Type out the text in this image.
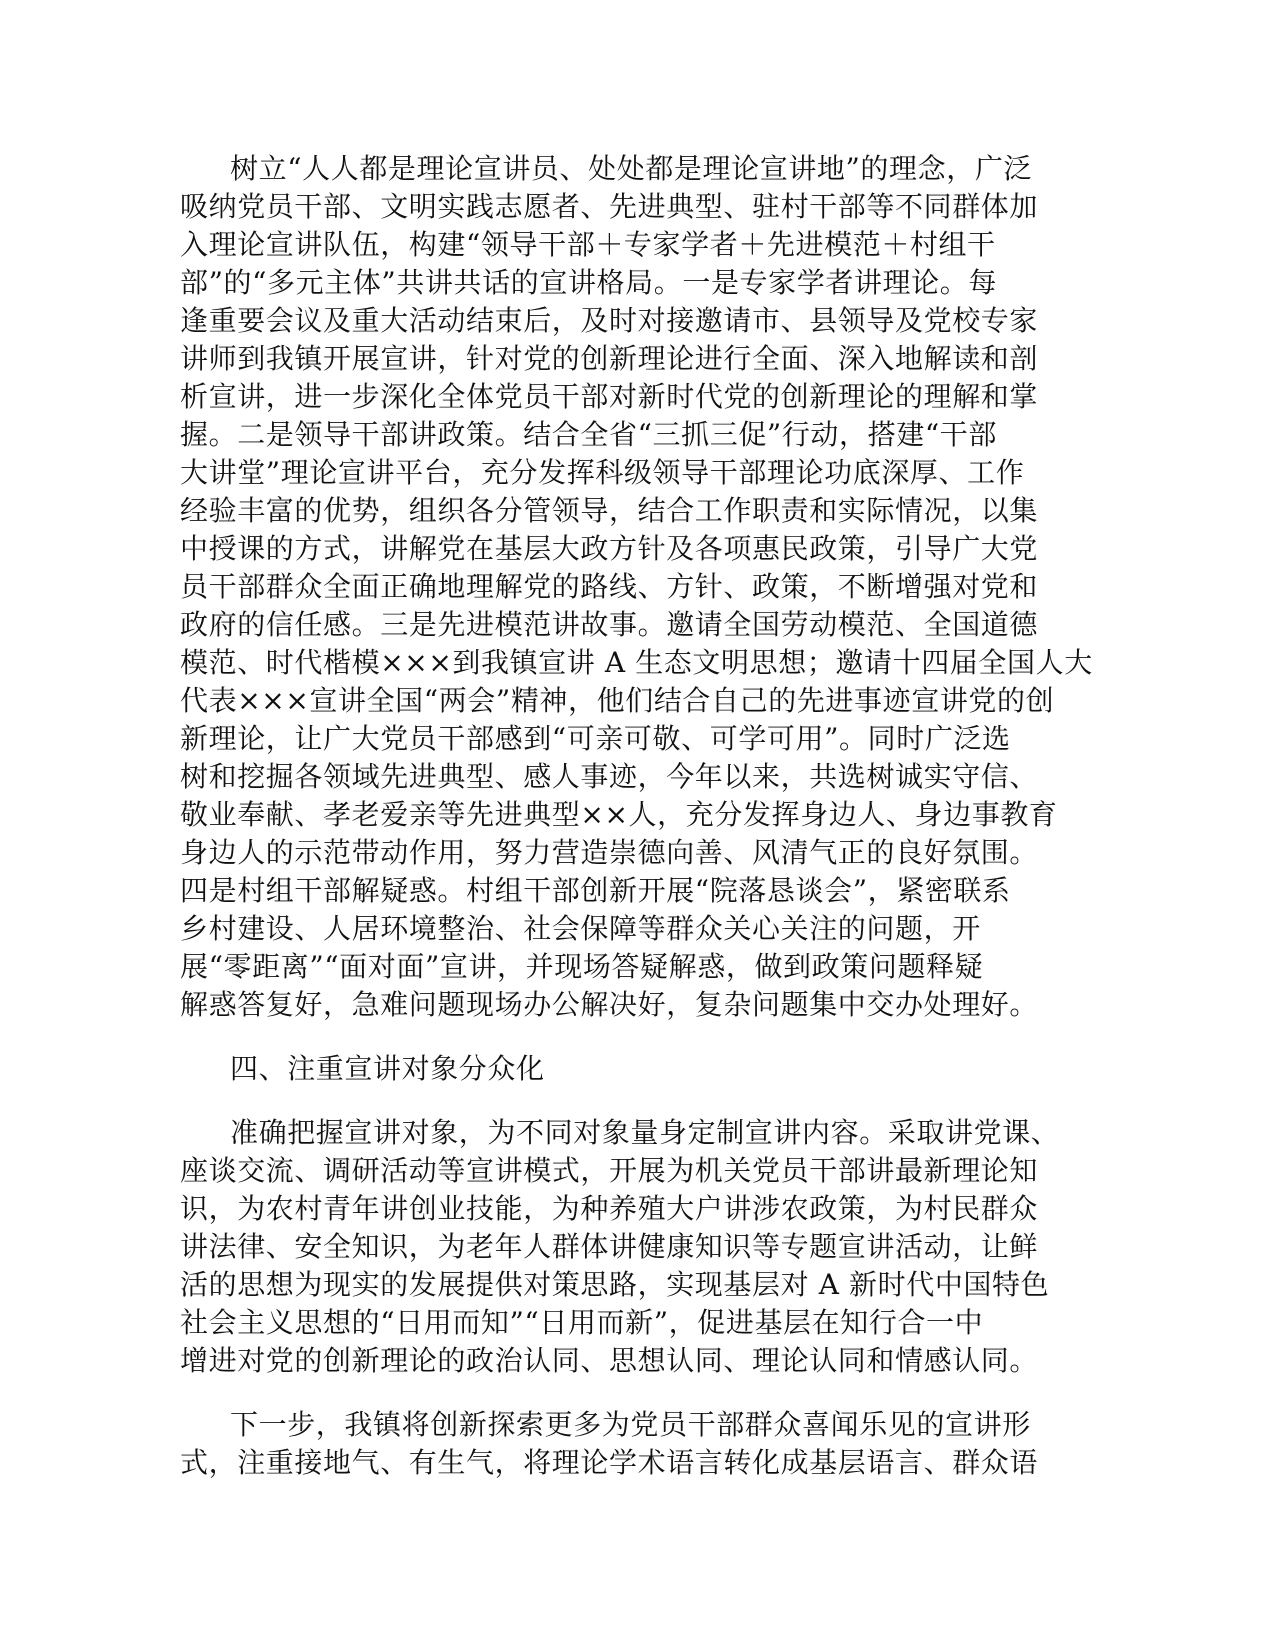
树立“人人都是理论宣讲员、处处都是理论宣讲地”的理念，广泛
吸纳党员干部、文明实践志愿者、先进典型、驻村干部等不同群体加
入理论宣讲队伍，构建“领导干部＋专家学者＋先进模范＋村组干
部”的“多元主体”共讲共话的宣讲格局。一是专家学者讲理论。每
逢重要会议及重大活动结束后，及时对接邀请市、县领导及党校专家
讲师到我镇开展宣讲，针对党的创新理论进行全面、深入地解读和剖
析宣讲，进一步深化全体党员干部对新时代党的创新理论的理解和掌
握。二是领导干部讲政策。结合全省“三抓三促”行动，搭建“干部
大讲堂”理论宣讲平台，充分发挥科级领导干部理论功底深厚、工作
经验丰富的优势，组织各分管领导，结合工作职责和实际情况，以集
中授课的方式，讲解党在基层大政方针及各项惠民政策，引导广大党
员干部群众全面正确地理解党的路线、方针、政策，不断增强对党和
政府的信任感。三是先进模范讲故事。邀请全国劳动模范、全国道德
模范、时代楷模×××到我镇宣讲 A 生态文明思想；邀请十四届全国人大
代表×××宣讲全国“两会”精神，他们结合自己的先进事迹宣讲党的创
新理论，让广大党员干部感到“可亲可敬、可学可用”。同时广泛选
树和挖掘各领域先进典型、感人事迹，今年以来，共选树诚实守信、
敬业奉献、孝老爱亲等先进典型××人，充分发挥身边人、身边事教育
身边人的示范带动作用，努力营造崇德向善、风清气正的良好氛围。
四是村组干部解疑惑。村组干部创新开展“院落恳谈会”，紧密联系
乡村建设、人居环境整治、社会保障等群众关心关注的问题，开
展“零距离”“面对面”宣讲，并现场答疑解惑，做到政策问题释疑
解惑答复好，急难问题现场办公解决好，复杂问题集中交办处理好。
四、注重宣讲对象分众化
准确把握宣讲对象，为不同对象量身定制宣讲内容。采取讲党课、
座谈交流、调研活动等宣讲模式，开展为机关党员干部讲最新理论知
识，为农村青年讲创业技能，为种养殖大户讲涉农政策，为村民群众
讲法律、安全知识，为老年人群体讲健康知识等专题宣讲活动，让鲜
活的思想为现实的发展提供对策思路，实现基层对 A 新时代中国特色
社会主义思想的“日用而知”“日用而新”，促进基层在知行合一中
增进对党的创新理论的政治认同、思想认同、理论认同和情感认同。
下一步，我镇将创新探索更多为党员干部群众喜闻乐见的宣讲形
式，注重接地气、有生气，将理论学术语言转化成基层语言、群众语
